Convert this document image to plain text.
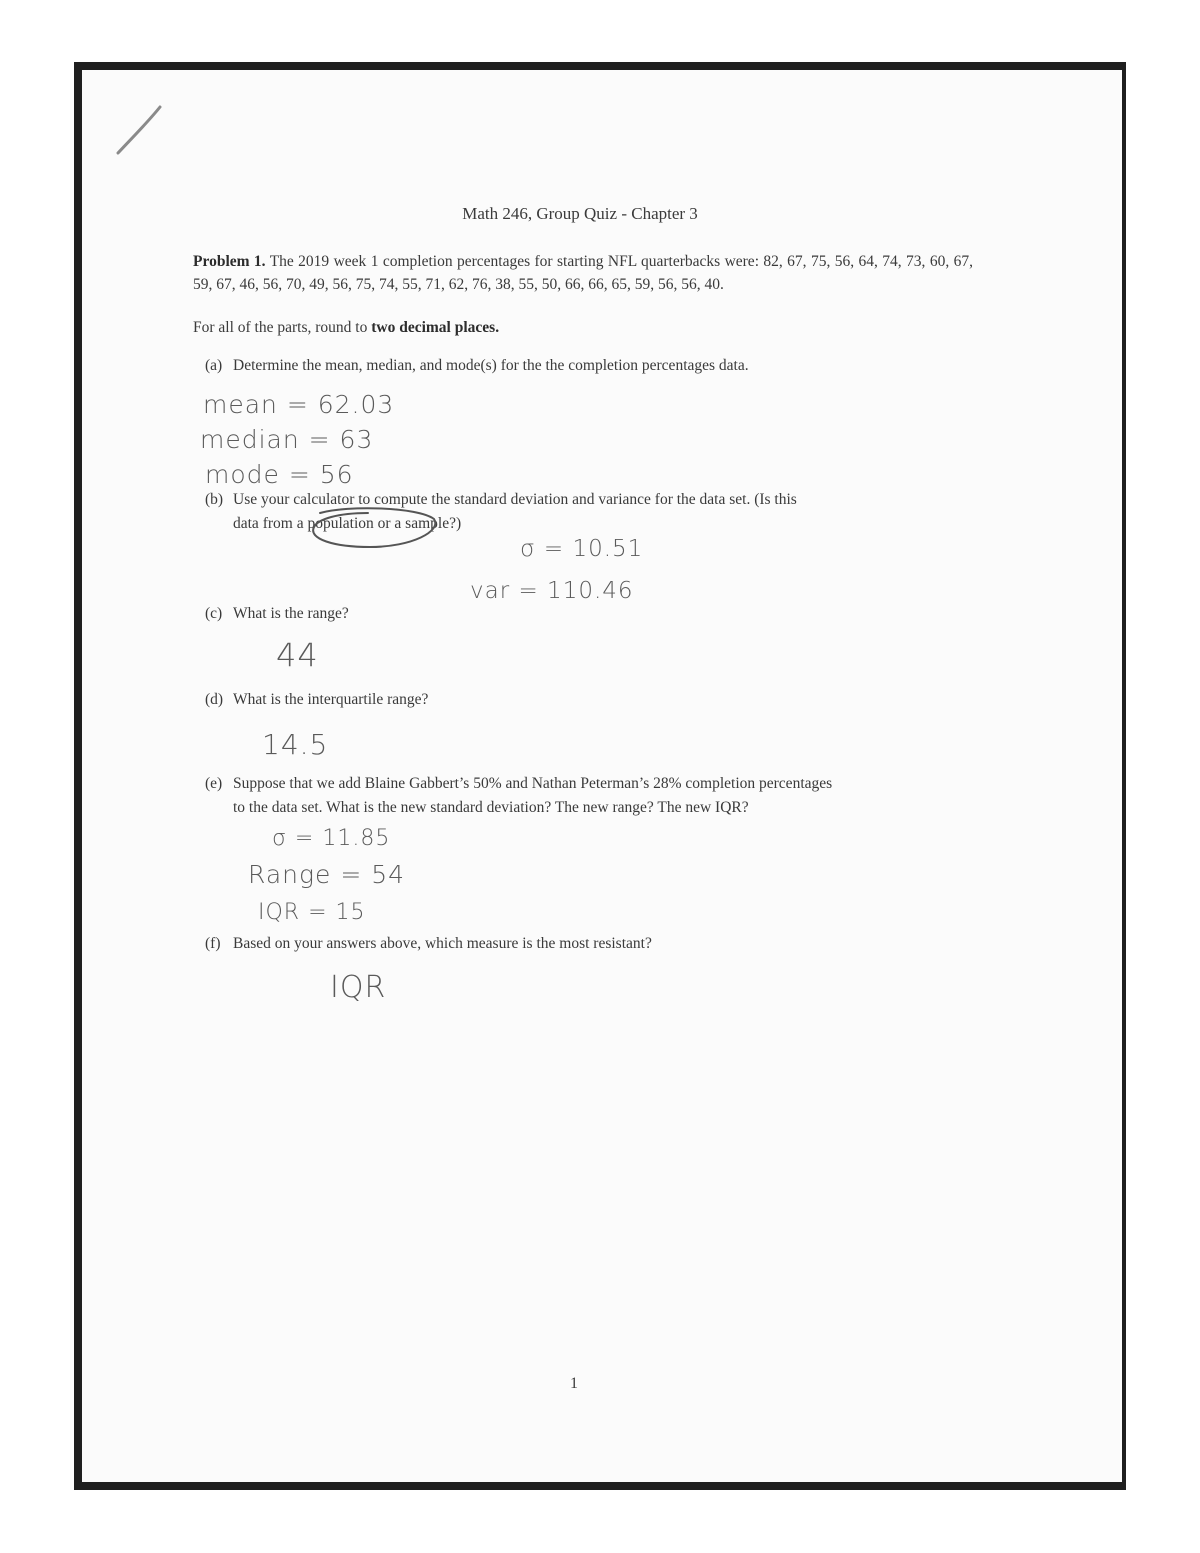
Math 246, Group Quiz - Chapter 3
Problem 1. The 2019 week 1 completion percentages for starting NFL quarterbacks were: 82, 67, 75, 56, 64, 74, 73, 60, 67, 59, 67, 46, 56, 70, 49, 56, 75, 74, 55, 71, 62, 76, 38, 55, 50, 66, 66, 65, 59, 56, 56, 40.
For all of the parts, round to two decimal places.
(a) Determine the mean, median, and mode(s) for the the completion percentages data.
mean = 62.03
median = 63
mode = 56
(b) Use your calculator to compute the standard deviation and variance for the data set. (Is this
data from a population or a sample?)
σ = 10.51
var = 110.46
(c) What is the range?
44
(d) What is the interquartile range?
14.5
(e) Suppose that we add Blaine Gabbert’s 50% and Nathan Peterman’s 28% completion percentages
to the data set. What is the new standard deviation? The new range? The new IQR?
σ = 11.85
Range = 54
IQR = 15
(f) Based on your answers above, which measure is the most resistant?
IQR
1
